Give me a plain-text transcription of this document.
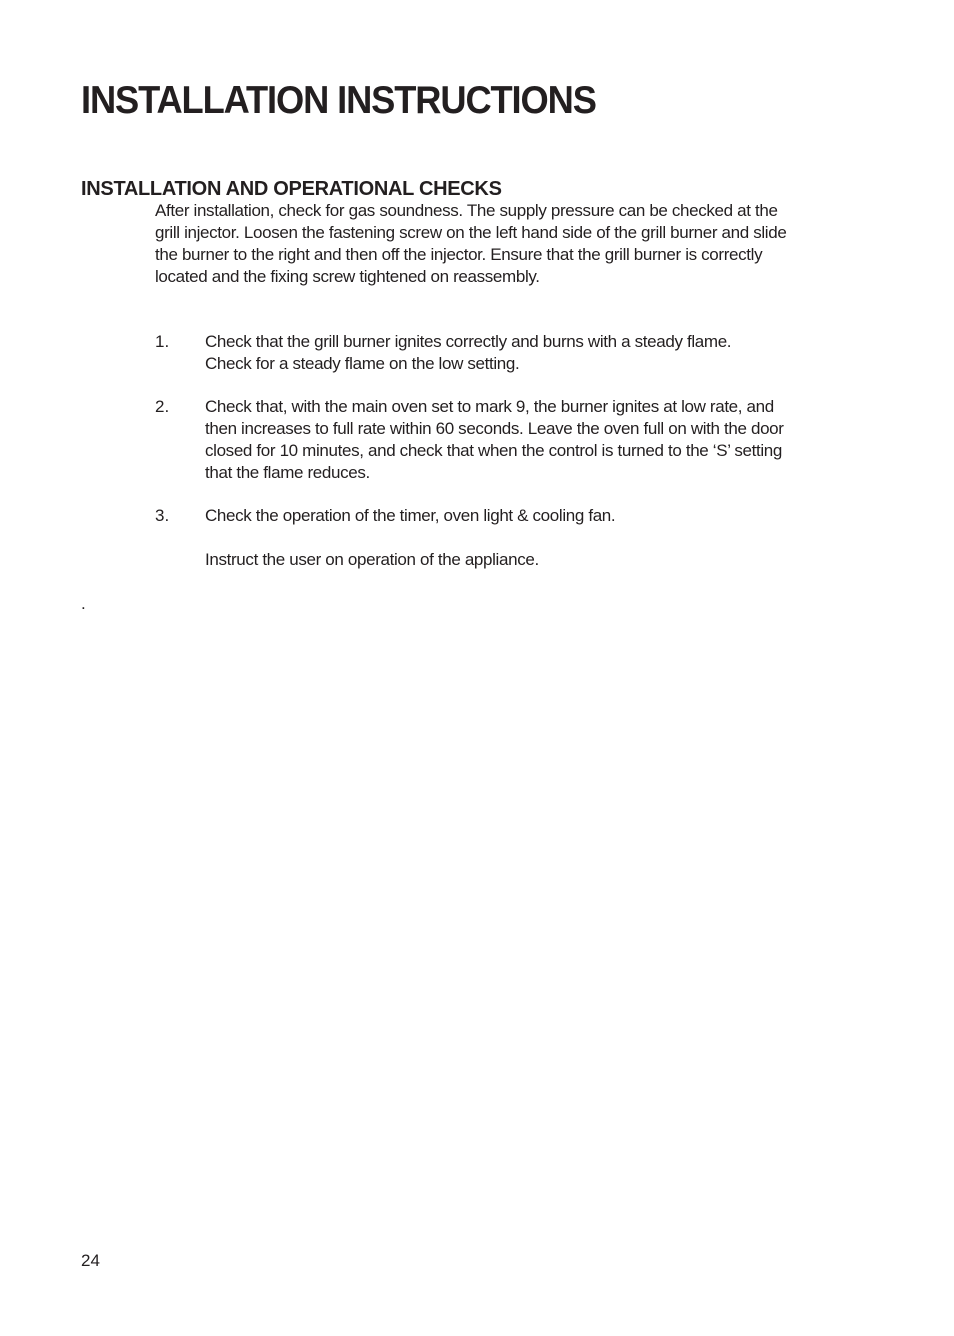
INSTALLATION INSTRUCTIONS
INSTALLATION AND OPERATIONAL CHECKS

After installation, check for gas soundness. The supply pressure can be checked at the

grill injector. Loosen the fastening screw on the left hand side of the grill burner and slide

the burner to the right and then off the injector. Ensure that the grill burner is correctly

located and the fixing screw tightened on reassembly.

1. Check that the grill burner ignites correctly and burns with a steady flame.
Check for a steady flame on the low setting.
2. Check that, with the main oven set to mark 9, the burner ignites at low rate, and
then increases to full rate within 60 seconds. Leave the oven full on with the door
closed for 10 minutes, and check that when the control is turned to the ‘S’ setting
that the flame reduces.
3. Check the operation of the timer, oven light & cooling fan.
Instruct the user on operation of the appliance.
.
24
